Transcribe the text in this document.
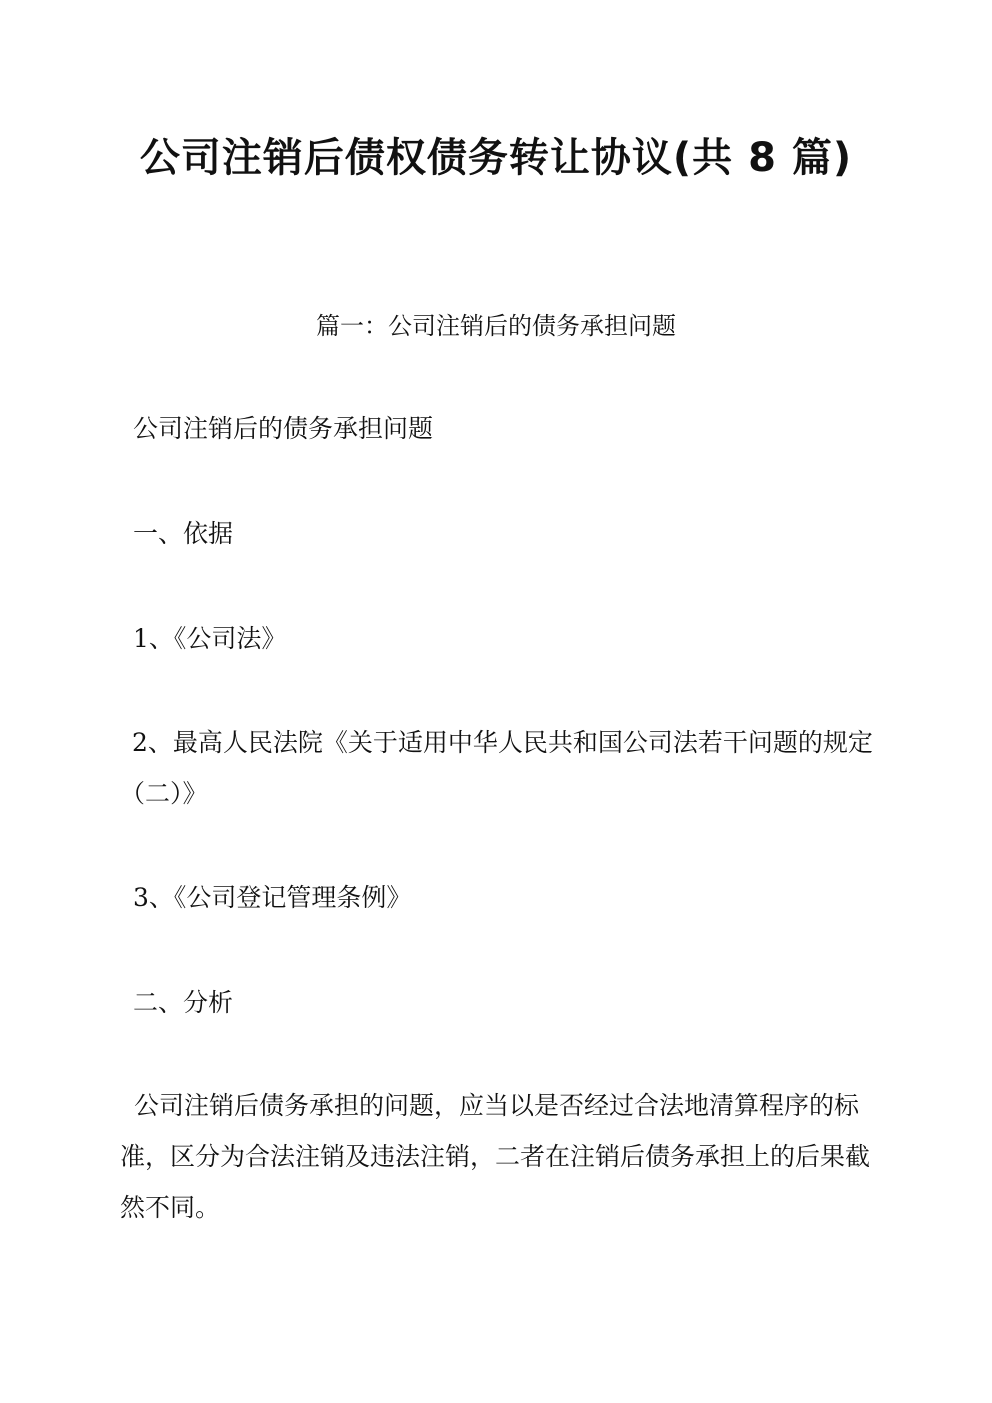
公司注销后债权债务转让协议(共 8 篇)
篇一：公司注销后的债务承担问题
公司注销后的债务承担问题
一、依据
1、《公司法》
2、最高人民法院《关于适用中华人民共和国公司法若干问题的规定（二）》
3、《公司登记管理条例》
二、分析
公司注销后债务承担的问题，应当以是否经过合法地清算程序的标准，区分为合法注销及违法注销，二者在注销后债务承担上的后果截然不同。
